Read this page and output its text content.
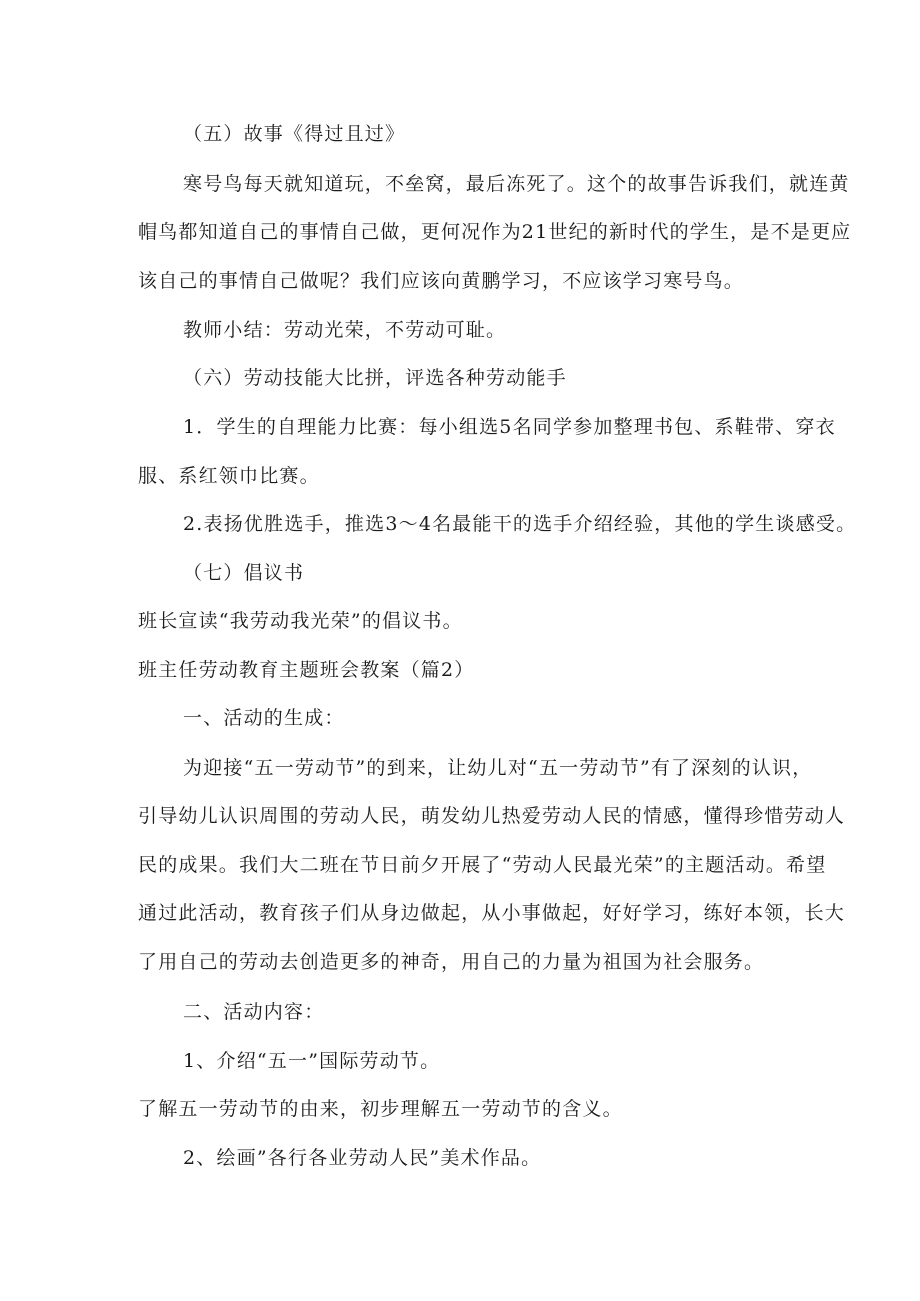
（五）故事《得过且过》
寒号鸟每天就知道玩，不垒窝，最后冻死了。这个的故事告诉我们，就连黄
帽鸟都知道自己的事情自己做，更何况作为21世纪的新时代的学生，是不是更应
该自己的事情自己做呢？我们应该向黄鹏学习，不应该学习寒号鸟。
教师小结：劳动光荣，不劳动可耻。
（六）劳动技能大比拼，评选各种劳动能手
1．学生的自理能力比赛：每小组选5名同学参加整理书包、系鞋带、穿衣
服、系红领巾比赛。
2.表扬优胜选手，推选3〜4名最能干的选手介绍经验，其他的学生谈感受。
（七）倡议书
班长宣读“我劳动我光荣”的倡议书。
班主任劳动教育主题班会教案（篇2）
一、活动的生成：
为迎接“五一劳动节”的到来，让幼儿对“五一劳动节”有了深刻的认识，
引导幼儿认识周围的劳动人民，萌发幼儿热爱劳动人民的情感，懂得珍惜劳动人
民的成果。我们大二班在节日前夕开展了“劳动人民最光荣”的主题活动。希望
通过此活动，教育孩子们从身边做起，从小事做起，好好学习，练好本领，长大
了用自己的劳动去创造更多的神奇，用自己的力量为祖国为社会服务。
二、活动内容：
1、介绍“五一”国际劳动节。
了解五一劳动节的由来，初步理解五一劳动节的含义。
2、绘画”各行各业劳动人民”美术作品。
